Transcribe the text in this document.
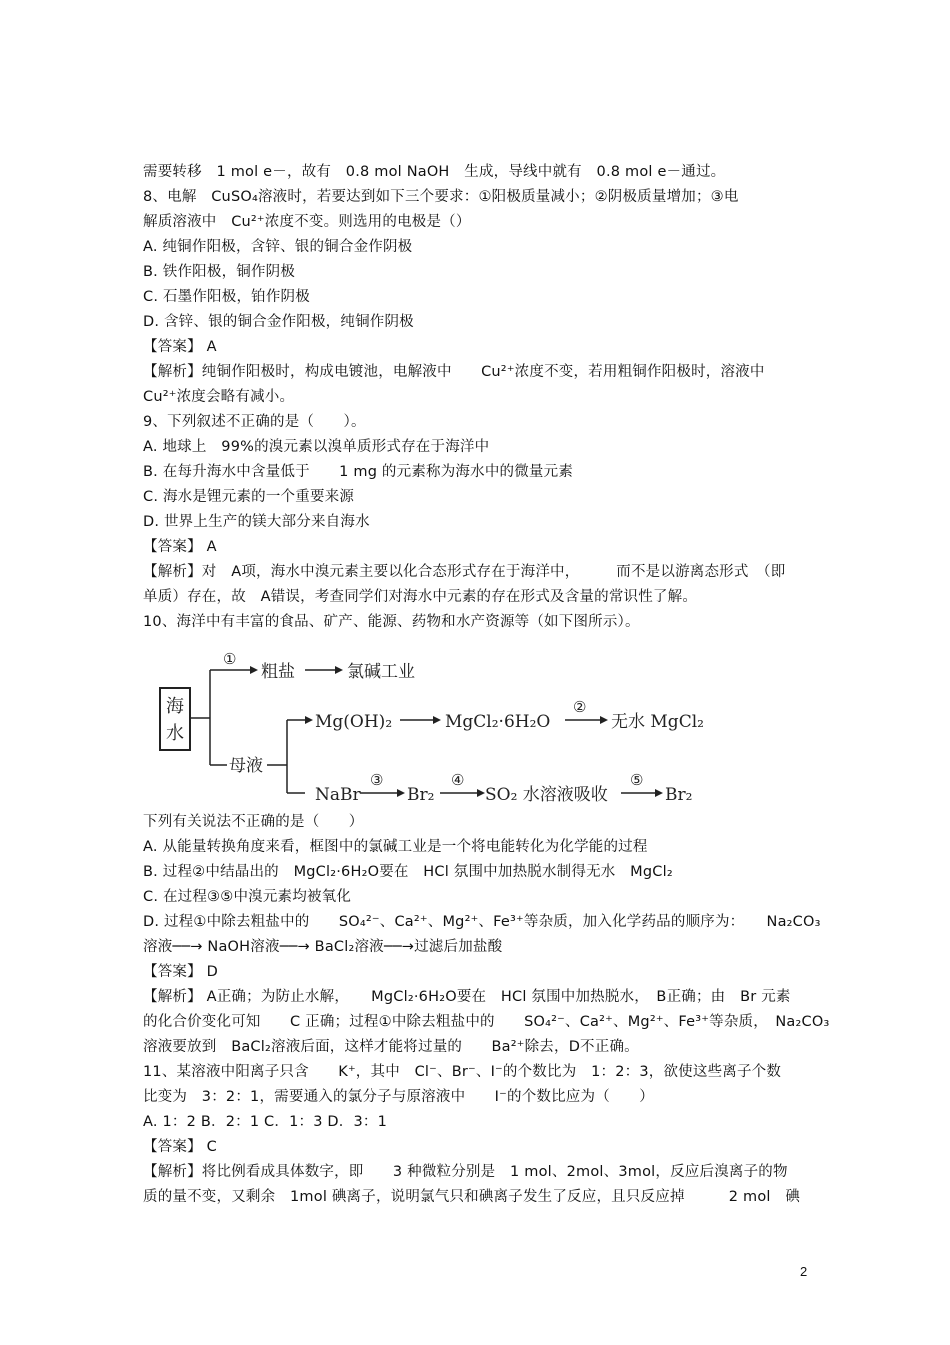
需要转移　1 mol e－，故有　0.8 mol NaOH　生成，导线中就有　0.8 mol e－通过。
8、电解　CuSO₄溶液时，若要达到如下三个要求：①阳极质量减小；②阴极质量增加；③电
解质溶液中　Cu²⁺浓度不变。则选用的电极是（）
A. 纯铜作阳极，含锌、银的铜合金作阴极
B. 铁作阳极，铜作阴极
C. 石墨作阳极，铂作阴极
D. 含锌、银的铜合金作阳极，纯铜作阴极
【答案】 A
【解析】纯铜作阳极时，构成电镀池，电解液中　　Cu²⁺浓度不变，若用粗铜作阳极时，溶液中
Cu²⁺浓度会略有减小。
9、下列叙述不正确的是（　　）。
A. 地球上　99%的溴元素以溴单质形式存在于海洋中
B. 在每升海水中含量低于　　1 mg 的元素称为海水中的微量元素
C. 海水是锂元素的一个重要来源
D. 世界上生产的镁大部分来自海水
【答案】 A
【解析】对　A项，海水中溴元素主要以化合态形式存在于海洋中，　　　而不是以游离态形式　（即
单质）存在，故　A错误，考查同学们对海水中元素的存在形式及含量的常识性了解。
10、海洋中有丰富的食品、矿产、能源、药物和水产资源等（如下图所示）。
海
水
①
粗盐	氯碱工业
母液
Mg(OH)₂	MgCl₂·6H₂O
②
无水 MgCl₂
NaBr
③
Br₂
④
SO₂ 水溶液吸收
⑤
Br₂
下列有关说法不正确的是（　　）
A. 从能量转换角度来看，框图中的氯碱工业是一个将电能转化为化学能的过程
B. 过程②中结晶出的　MgCl₂·6H₂O要在　HCl 氛围中加热脱水制得无水　MgCl₂
C. 在过程③⑤中溴元素均被氧化
D. 过程①中除去粗盐中的　　SO₄²⁻、Ca²⁺、Mg²⁺、Fe³⁺等杂质，加入化学药品的顺序为：　　Na₂CO₃
溶液──→ NaOH溶液──→ BaCl₂溶液──→过滤后加盐酸
【答案】 D
【解析】 A正确；为防止水解，　　MgCl₂·6H₂O要在　HCl 氛围中加热脱水，　B正确；由　Br 元素
的化合价变化可知　　C 正确；过程①中除去粗盐中的　　SO₄²⁻、Ca²⁺、Mg²⁺、Fe³⁺等杂质，　Na₂CO₃
溶液要放到　BaCl₂溶液后面，这样才能将过量的　　Ba²⁺除去，D不正确。
11、某溶液中阳离子只含　　K⁺，其中　Cl⁻、Br⁻、I⁻的个数比为　1：2：3，欲使这些离子个数
比变为　3：2：1，需要通入的氯分子与原溶液中　　I⁻的个数比应为（　　）
A. 1：2 B．2：1 C．1：3 D．3：1
【答案】 C
【解析】将比例看成具体数字，即　　3 种微粒分别是　1 mol、2mol、3mol，反应后溴离子的物
质的量不变，又剩余　1mol 碘离子，说明氯气只和碘离子发生了反应，且只反应掉　　　2 mol　碘
2
